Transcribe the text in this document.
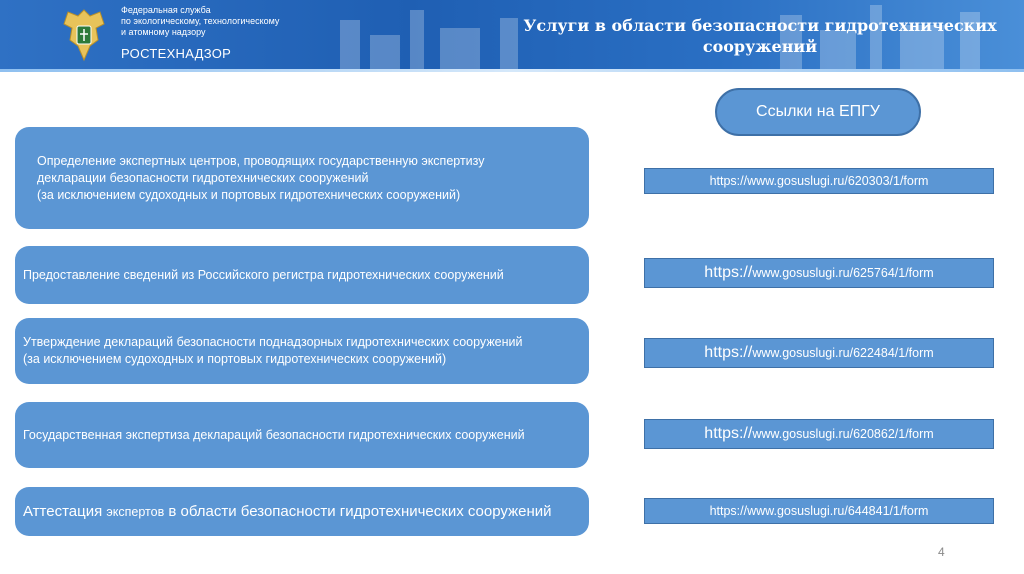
Федеральная служба
по экологическому, технологическому
и атомному надзору
РОСТЕХНАДЗОР
Услуги в области безопасности гидротехнических
сооружений
Ссылки на ЕПГУ
Определение экспертных центров, проводящих государственную экспертизу
декларации безопасности гидротехнических сооружений
(за исключением судоходных и портовых гидротехнических сооружений)
Предоставление сведений из Российского регистра гидротехнических сооружений
Утверждение деклараций безопасности поднадзорных гидротехнических сооружений
(за исключением судоходных и портовых гидротехнических сооружений)
Государственная экспертиза деклараций безопасности гидротехнических сооружений
Аттестация экспертов в области безопасности гидротехнических сооружений
https://www.gosuslugi.ru/620303/1/form
https:// www.gosuslugi.ru/625764/1/form
https:// www.gosuslugi.ru/622484/1/form
https:// www.gosuslugi.ru/620862/1/form
https://www.gosuslugi.ru/644841/1/form
4
